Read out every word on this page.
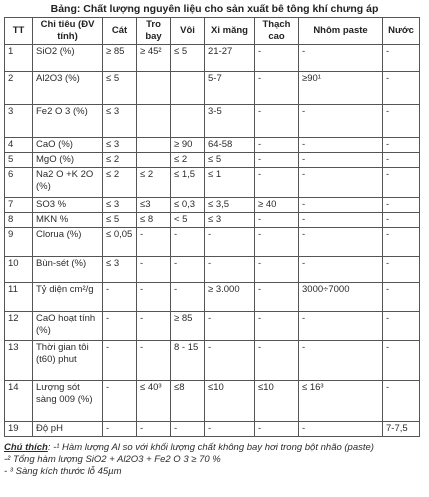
Bảng: Chất lượng nguyên liệu cho sản xuất bê tông khí chưng áp
TT	Chỉ tiêu (ĐV tính)	Cát	Tro bay	Vôi	Xi măng	Thạch cao	Nhôm paste	Nước
1	SiO2 (%)	≥ 85	≥ 45²	≤ 5	21-27	-	-	-
2	Al2O3 (%)	≤ 5			5-7	-	≥90¹	-
3	Fe2 O 3 (%)	≤ 3			3-5	-	-	-
4	CaO (%)	≤ 3		≥ 90	64-58	-	-	-
5	MgO (%)	≤ 2		≤ 2	≤ 5	-	-	-
6	Na2 O +K 2O (%)	≤ 2	≤ 2	≤ 1,5	≤ 1	-	-	-
7	SO3 %	≤ 3	≤3	≤ 0,3	≤ 3,5	≥ 40	-	-
8	MKN %	≤ 5	≤ 8	< 5	≤ 3	-	-	-
9	Clorua (%)	≤ 0,05	-	-	-	-	-	-
10	Bùn-sét (%)	≤ 3	-	-	-	-	-	-
11	Tỷ diện cm²/g	-	-	-	≥ 3.000	-	3000÷7000	-
12	CaO hoạt tính (%)	-	-	≥ 85	-	-	-	-
13	Thời gian tôi (t60) phut	-	-	8 - 15	-	-	-	-
14	Lượng sót sàng 009 (%)	-	≤ 40³	≤8	≤10	≤10	≤ 16³	-
19	Độ pH	-	-	-	-	-	-	7-7,5
Chú thích: -¹ Hàm lượng Al so với khối lượng chất không bay hơi trong bột nhão (paste)
-² Tổng hàm lượng SiO2 + Al2O3 + Fe2 O 3 ≥ 70 %
- ³ Sàng kích thước lỗ 45µm
